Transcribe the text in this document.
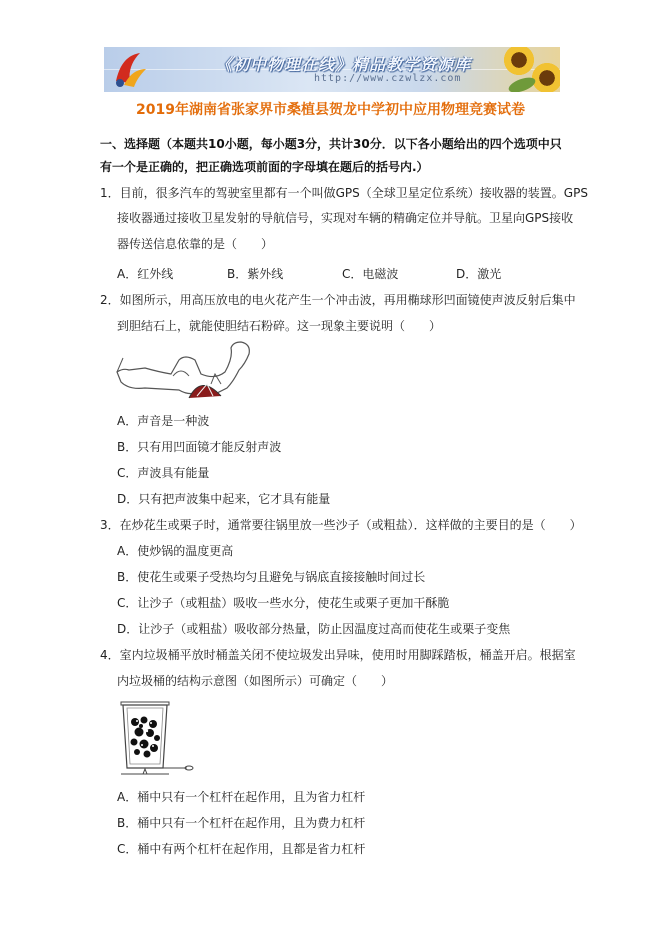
《初中物理在线》精品教学资源库
http://www.czwlzx.com
2019年湖南省张家界市桑植县贺龙中学初中应用物理竞赛试卷
一、选择题（本题共10小题，每小题3分，共计30分．以下各小题给出的四个选项中只
有一个是正确的，把正确选项前面的字母填在题后的括号内.）
1．目前，很多汽车的驾驶室里都有一个叫做GPS（全球卫星定位系统）接收器的装置。GPS
接收器通过接收卫星发射的导航信号，实现对车辆的精确定位并导航。卫星向GPS接收
器传送信息依靠的是（　　）
A．红外线	B．紫外线	C．电磁波	D．激光
2．如图所示，用高压放电的电火花产生一个冲击波，再用椭球形凹面镜使声波反射后集中
到胆结石上，就能使胆结石粉碎。这一现象主要说明（　　）
A．声音是一种波
B．只有用凹面镜才能反射声波
C．声波具有能量
D．只有把声波集中起来，它才具有能量
3．在炒花生或栗子时，通常要往锅里放一些沙子（或粗盐）．这样做的主要目的是（　　）
A．使炒锅的温度更高
B．使花生或栗子受热均匀且避免与锅底直接接触时间过长
C．让沙子（或粗盐）吸收一些水分，使花生或栗子更加干酥脆
D．让沙子（或粗盐）吸收部分热量，防止因温度过高而使花生或栗子变焦
4．室内垃圾桶平放时桶盖关闭不使垃圾发出异味，使用时用脚踩踏板，桶盖开启。根据室
内垃圾桶的结构示意图（如图所示）可确定（　　）
A．桶中只有一个杠杆在起作用，且为省力杠杆
B．桶中只有一个杠杆在起作用，且为费力杠杆
C．桶中有两个杠杆在起作用，且都是省力杠杆
